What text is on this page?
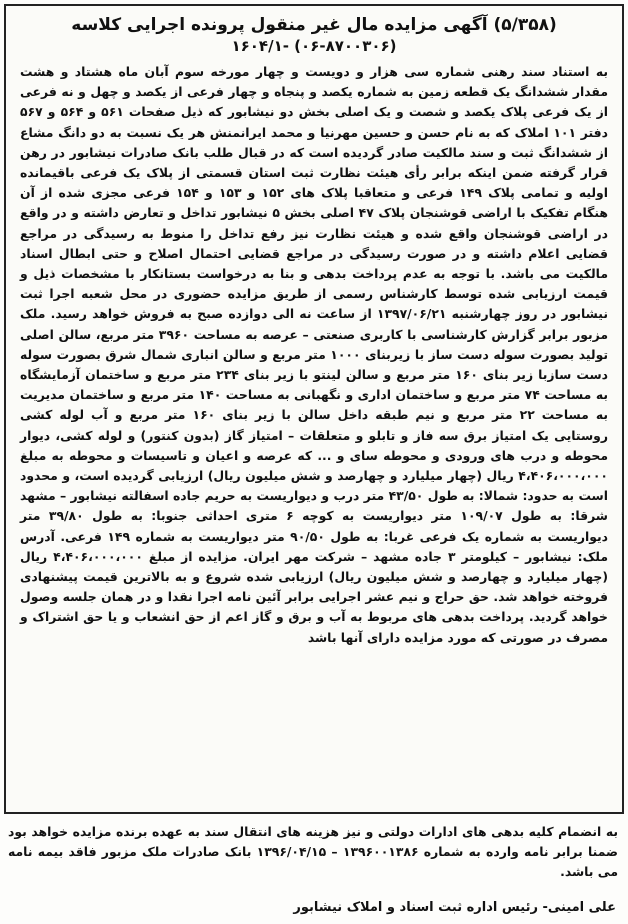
(۵/۳۵۸) آگهی مزایده مال غیر منقول پرونده اجرایی کلاسه
(۰۶-۸۷۰۰۳۰۶) -۱۶۰۴/۱

به استناد سند رهنی شماره سی هزار و دویست و چهار مورخه سوم آبان ماه هشتاد و هشت مقدار ششدانگ یک قطعه زمین به شماره یکصد و پنجاه و چهار فرعی از یکصد و چهل و نه فرعی از یک فرعی پلاک یکصد و شصت و یک اصلی بخش دو نیشابور که ذیل صفحات ۵۶۱ و ۵۶۴ و ۵۶۷ دفتر ۱۰۱ املاک که به نام حسن و حسین مهرنیا و محمد ایرانمنش هر یک نسبت به دو دانگ مشاع از ششدانگ ثبت و سند مالکیت صادر گردیده است که در قبال طلب بانک صادرات نیشابور در رهن قرار گرفته ضمن اینکه برابر رأی هیئت نظارت ثبت استان قسمتی از پلاک یک فرعی باقیمانده اولیه و تمامی پلاک ۱۴۹ فرعی و متعاقبا پلاک های ۱۵۲ و ۱۵۳ و ۱۵۴ فرعی مجزی شده از آن هنگام تفکیک با اراضی قوشنجان پلاک ۴۷ اصلی بخش ۵ نیشابور تداخل و تعارض داشته و در واقع در اراضی قوشنجان واقع شده و هیئت نظارت نیز رفع تداخل را منوط به رسیدگی در مراجع قضایی اعلام داشته و در صورت رسیدگی در مراجع قضایی احتمال اصلاح و حتی ابطال اسناد مالکیت می باشد. با توجه به عدم پرداخت بدهی و بنا به درخواست بستانکار با مشخصات ذیل و قیمت ارزیابی شده توسط کارشناس رسمی از طریق مزایده حضوری در محل شعبه اجرا ثبت نیشابور در روز چهارشنبه ۱۳۹۷/۰۶/۲۱ از ساعت نه الی دوازده صبح به فروش خواهد رسید. ملک مزبور برابر گزارش کارشناسی با کاربری صنعتی – عرصه به مساحت ۳۹۶۰ متر مربع، سالن اصلی تولید بصورت سوله دست ساز با زیربنای ۱۰۰۰ متر مربع و سالن انباری شمال شرق بصورت سوله دست سازبا زیر بنای ۱۶۰ متر مربع و سالن لینتو با زیر بنای ۲۳۴ متر مربع و ساختمان آزمایشگاه به مساحت ۷۴ متر مربع و ساختمان اداری و نگهبانی به مساحت ۱۴۰ متر مربع و ساختمان مدیریت به مساحت ۲۲ متر مربع و نیم طبقه داخل سالن با زیر بنای ۱۶۰ متر مربع و آب لوله کشی روستایی یک امتیاز برق سه فاز و تابلو و متعلقات – امتیاز گاز (بدون کنتور) و لوله کشی، دیوار محوطه و درب های ورودی و محوطه سای و ... که عرصه و اعیان و تاسیسات و محوطه به مبلغ ۴،۴۰۶،۰۰۰،۰۰۰ ریال (چهار میلیارد و چهارصد و شش میلیون ریال) ارزیابی گردیده است، و محدود است به حدود: شمالا: به طول ۴۳/۵۰ متر درب و دیواریست به حریم جاده اسفالته نیشابور – مشهد شرقا: به طول ۱۰۹/۰۷ متر دیواریست به کوچه ۶ متری احداثی جنوبا: به طول ۳۹/۸۰ متر دیواریست به شماره یک فرعی غربا: به طول ۹۰/۵۰ متر دیواریست به شماره ۱۴۹ فرعی. آدرس ملک: نیشابور – کیلومتر ۳ جاده مشهد – شرکت مهر ایران. مزایده از مبلغ ۴،۴۰۶،۰۰۰،۰۰۰ ریال (چهار میلیارد و چهارصد و شش میلیون ریال) ارزیابی شده شروع و به بالاترین قیمت پیشنهادی فروخته خواهد شد. حق حراج و نیم عشر اجرایی برابر آئین نامه اجرا نقدا و در همان جلسه وصول خواهد گردید. پرداخت بدهی های مربوط به آب و برق و گاز اعم از حق انشعاب و یا حق اشتراک و مصرف در صورتی که مورد مزایده دارای آنها باشد

به انضمام کلیه بدهی های ادارات دولتی و نیز هزینه های انتقال سند به عهده برنده مزایده خواهد بود ضمنا برابر نامه وارده به شماره ۱۳۹۶۰۰۱۳۸۶ – ۱۳۹۶/۰۴/۱۵ بانک صادرات ملک مزبور فاقد بیمه نامه می باشد.

علی امینی- رئیس اداره ثبت اسناد و املاک نیشابور
